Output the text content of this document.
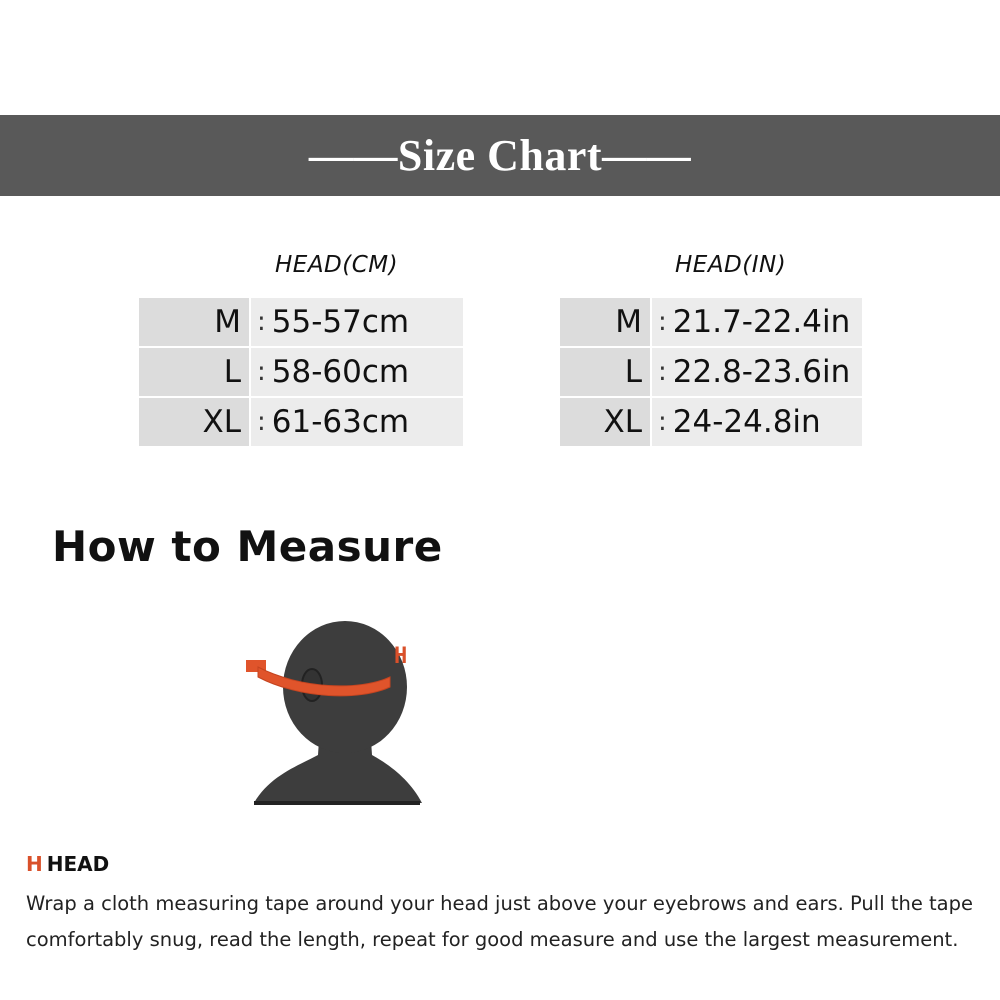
——Size Chart——
HEAD(CM)
M : 55-57cm
L : 58-60cm
XL : 61-63cm
HEAD(IN)
M : 21.7-22.4in
L : 22.8-23.6in
XL : 24-24.8in
How to Measure
H
H HEAD
Wrap a cloth measuring tape around your head just above your eyebrows and ears. Pull the tape
comfortably snug, read the length, repeat for good measure and use the largest measurement.
